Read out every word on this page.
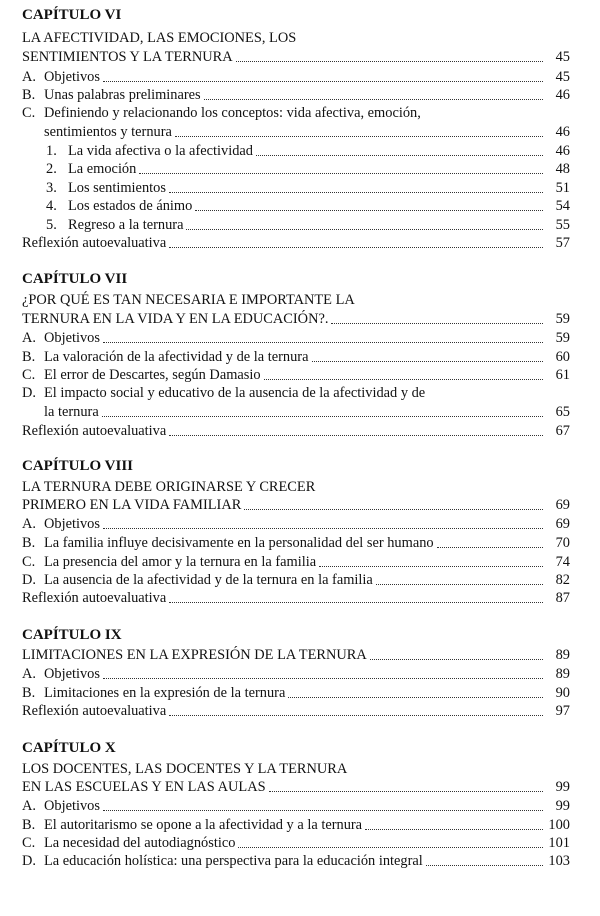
CAPÍTULO VI
LA AFECTIVIDAD, LAS EMOCIONES, LOS
SENTIMIENTOS Y LA TERNURA	45
A. Objetivos	45
B. Unas palabras preliminares	46
C. Definiendo y relacionando los conceptos: vida afectiva, emoción,
sentimientos y ternura	46
1. La vida afectiva o la afectividad	46
2. La emoción	48
3. Los sentimientos	51
4. Los estados de ánimo	54
5. Regreso a la ternura	55
Reflexión autoevaluativa	57
CAPÍTULO VII
¿POR QUÉ ES TAN NECESARIA E IMPORTANTE LA
TERNURA EN LA VIDA Y EN LA EDUCACIÓN?.	59
A. Objetivos	59
B. La valoración de la afectividad y de la ternura	60
C. El error de Descartes, según Damasio	61
D. El impacto social y educativo de la ausencia de la afectividad y de
la ternura	65
Reflexión autoevaluativa	67
CAPÍTULO VIII
LA TERNURA DEBE ORIGINARSE Y CRECER
PRIMERO EN LA VIDA FAMILIAR	69
A. Objetivos	69
B. La familia influye decisivamente en la personalidad del ser humano	70
C. La presencia del amor y la ternura en la familia	74
D. La ausencia de la afectividad y de la ternura en la familia	82
Reflexión autoevaluativa	87
CAPÍTULO IX
LIMITACIONES EN LA EXPRESIÓN DE LA TERNURA	89
A. Objetivos	89
B. Limitaciones en la expresión de la ternura	90
Reflexión autoevaluativa	97
CAPÍTULO X
LOS DOCENTES, LAS DOCENTES Y LA TERNURA
EN LAS ESCUELAS Y EN LAS AULAS	99
A. Objetivos	99
B. El autoritarismo se opone a la afectividad y a la ternura	100
C. La necesidad del autodiagnóstico	101
D. La educación holística: una perspectiva para la educación integral	103
